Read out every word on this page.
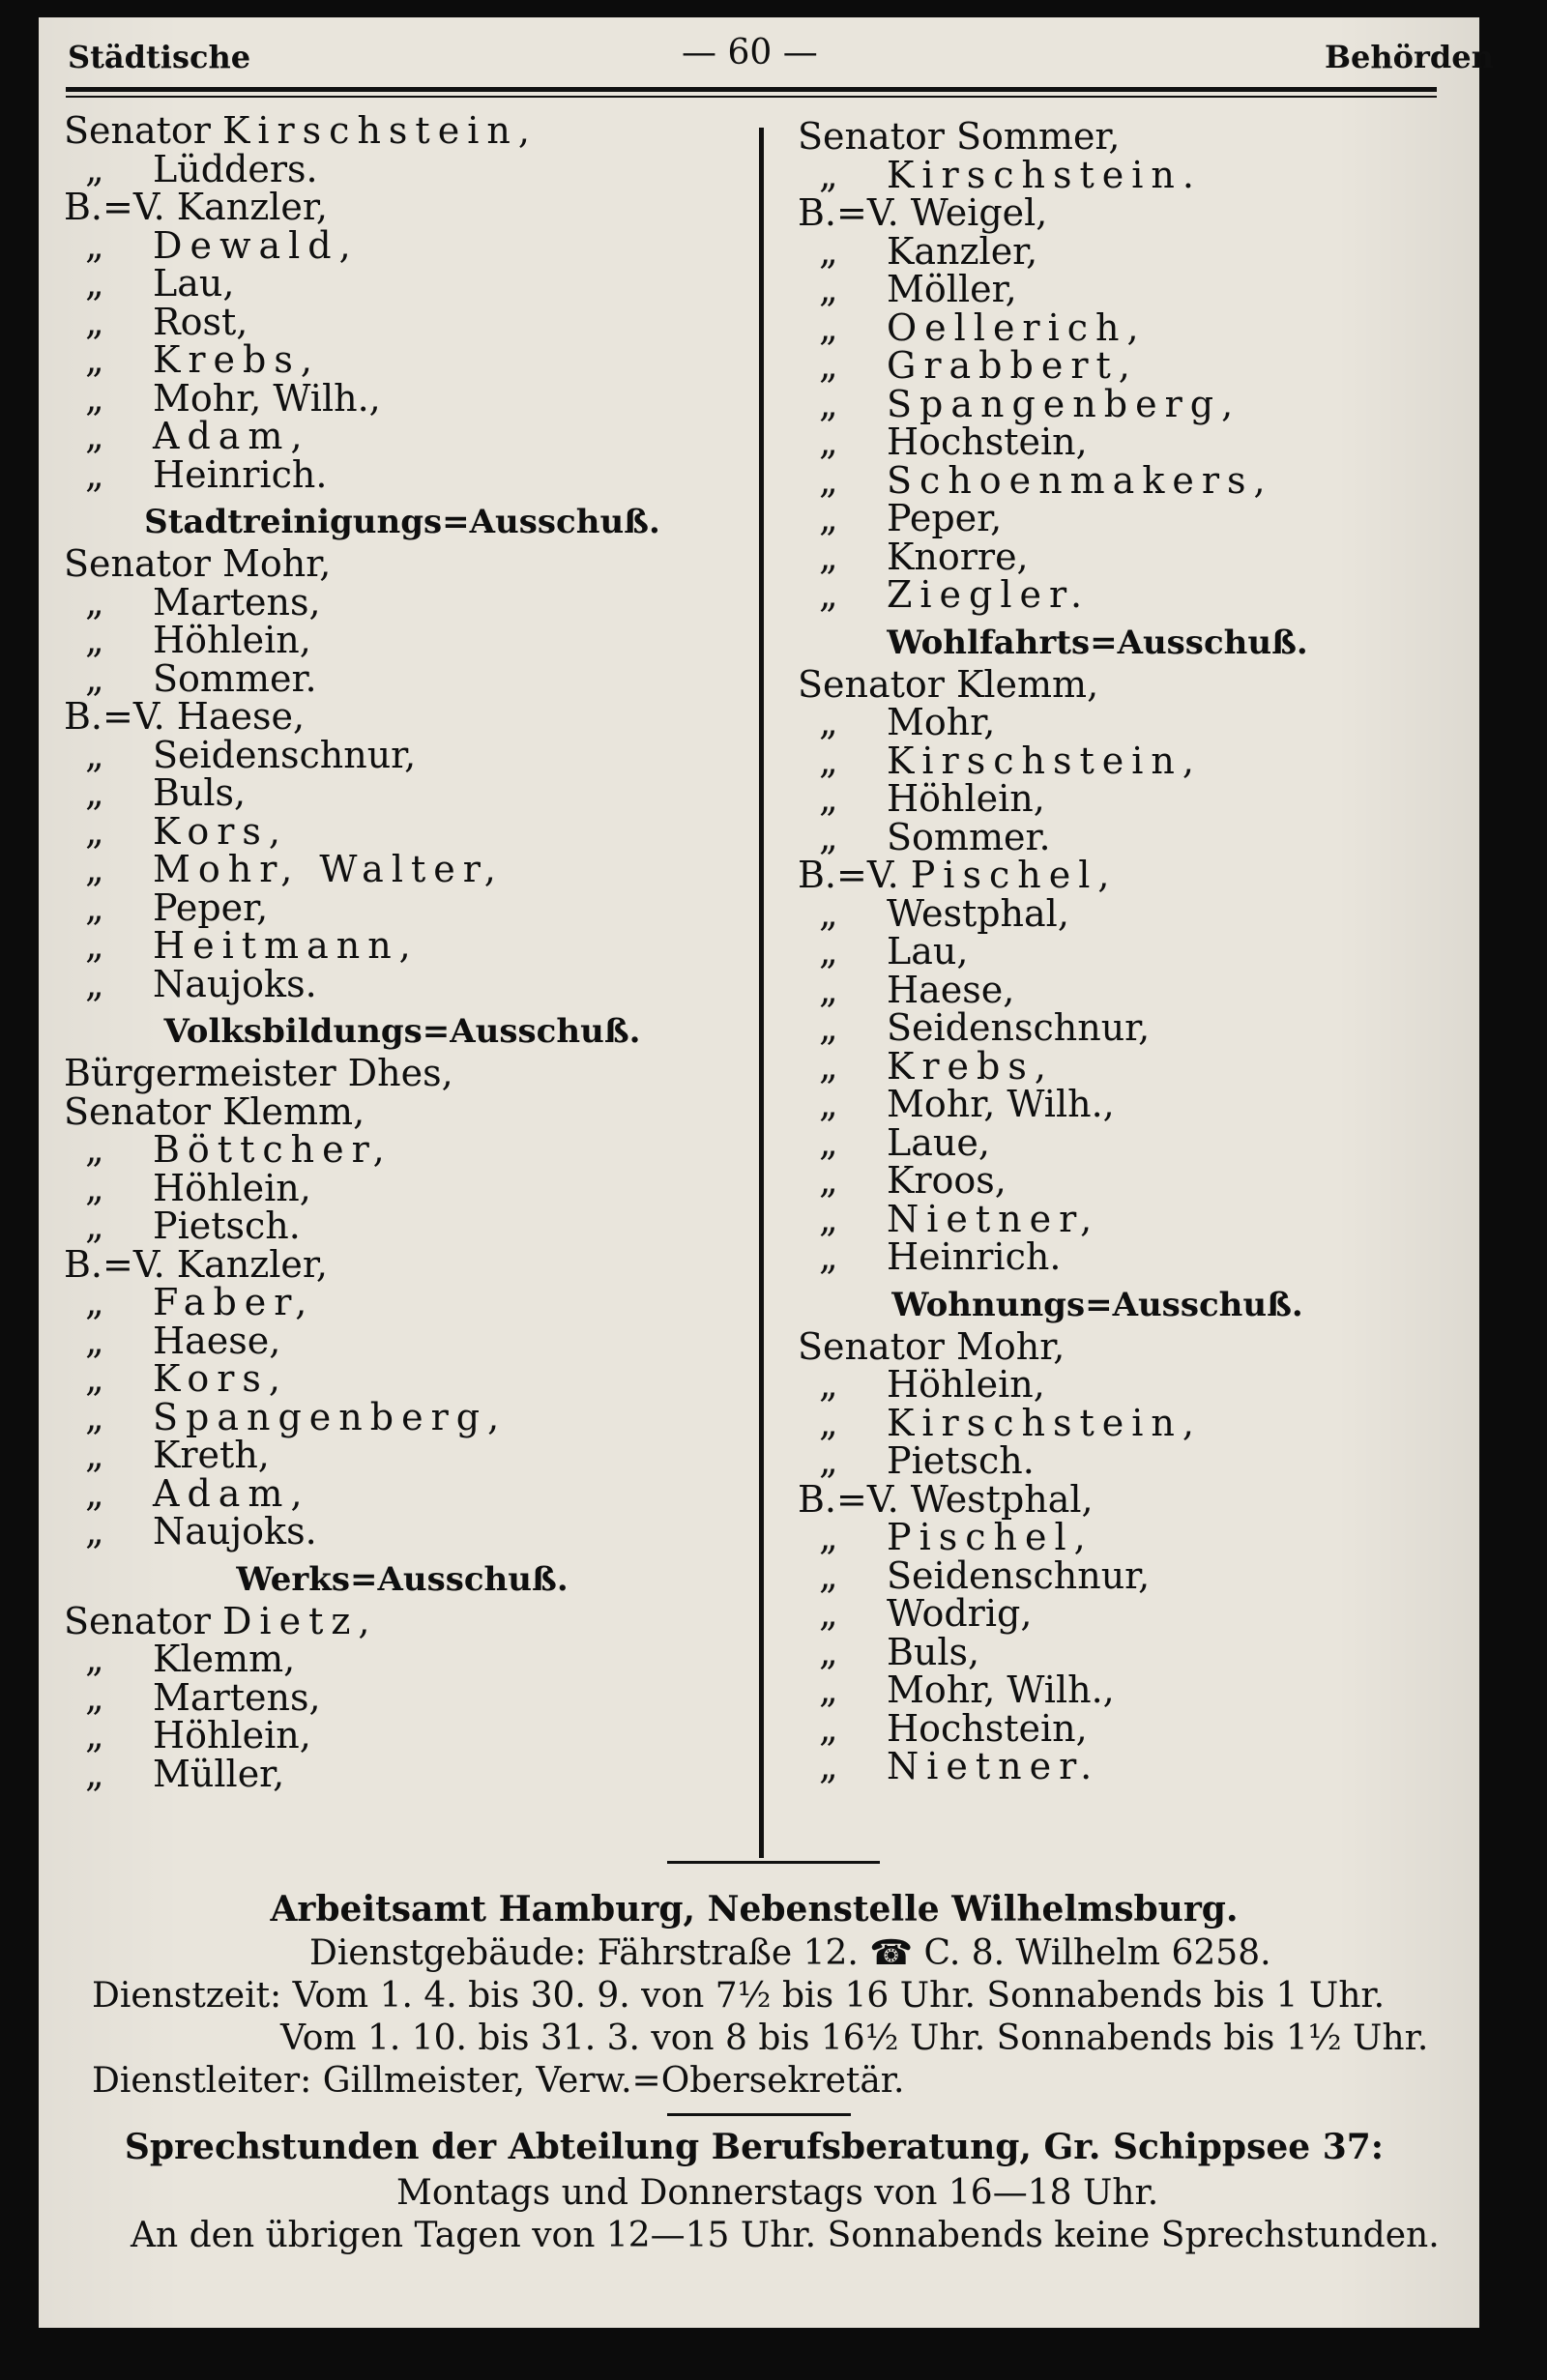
Städtische	— 60 —	Behörden
Senator Kirschstein,
„ Lüdders.
B.=V. Kanzler,
„ Dewald,
„ Lau,
„ Rost,
„ Krebs,
„ Mohr, Wilh.,
„ Adam,
„ Heinrich.
Stadtreinigungs=Ausschuß.
Senator Mohr,
„ Martens,
„ Höhlein,
„ Sommer.
B.=V. Haese,
„ Seidenschnur,
„ Buls,
„ Kors,
„ Mohr, Walter,
„ Peper,
„ Heitmann,
„ Naujoks.
Volksbildungs=Ausschuß.
Bürgermeister Dhes,
Senator Klemm,
„ Böttcher,
„ Höhlein,
„ Pietsch.
B.=V. Kanzler,
„ Faber,
„ Haese,
„ Kors,
„ Spangenberg,
„ Kreth,
„ Adam,
„ Naujoks.
Werks=Ausschuß.
Senator Dietz,
„ Klemm,
„ Martens,
„ Höhlein,
„ Müller,
Senator Sommer,
„ Kirschstein.
B.=V. Weigel,
„ Kanzler,
„ Möller,
„ Oellerich,
„ Grabbert,
„ Spangenberg,
„ Hochstein,
„ Schoenmakers,
„ Peper,
„ Knorre,
„ Ziegler.
Wohlfahrts=Ausschuß.
Senator Klemm,
„ Mohr,
„ Kirschstein,
„ Höhlein,
„ Sommer.
B.=V. Pischel,
„ Westphal,
„ Lau,
„ Haese,
„ Seidenschnur,
„ Krebs,
„ Mohr, Wilh.,
„ Laue,
„ Kroos,
„ Nietner,
„ Heinrich.
Wohnungs=Ausschuß.
Senator Mohr,
„ Höhlein,
„ Kirschstein,
„ Pietsch.
B.=V. Westphal,
„ Pischel,
„ Seidenschnur,
„ Wodrig,
„ Buls,
„ Mohr, Wilh.,
„ Hochstein,
„ Nietner.
Arbeitsamt Hamburg, Nebenstelle Wilhelmsburg.
Dienstgebäude: Fährstraße 12. ☎ C. 8. Wilhelm 6258.
Dienstzeit: Vom 1. 4. bis 30. 9. von 7½ bis 16 Uhr. Sonnabends bis 1 Uhr.
Vom 1. 10. bis 31. 3. von 8 bis 16½ Uhr. Sonnabends bis 1½ Uhr.
Dienstleiter: Gillmeister, Verw.=Obersekretär.
Sprechstunden der Abteilung Berufsberatung, Gr. Schippsee 37:
Montags und Donnerstags von 16—18 Uhr.
An den übrigen Tagen von 12—15 Uhr. Sonnabends keine Sprechstunden.
